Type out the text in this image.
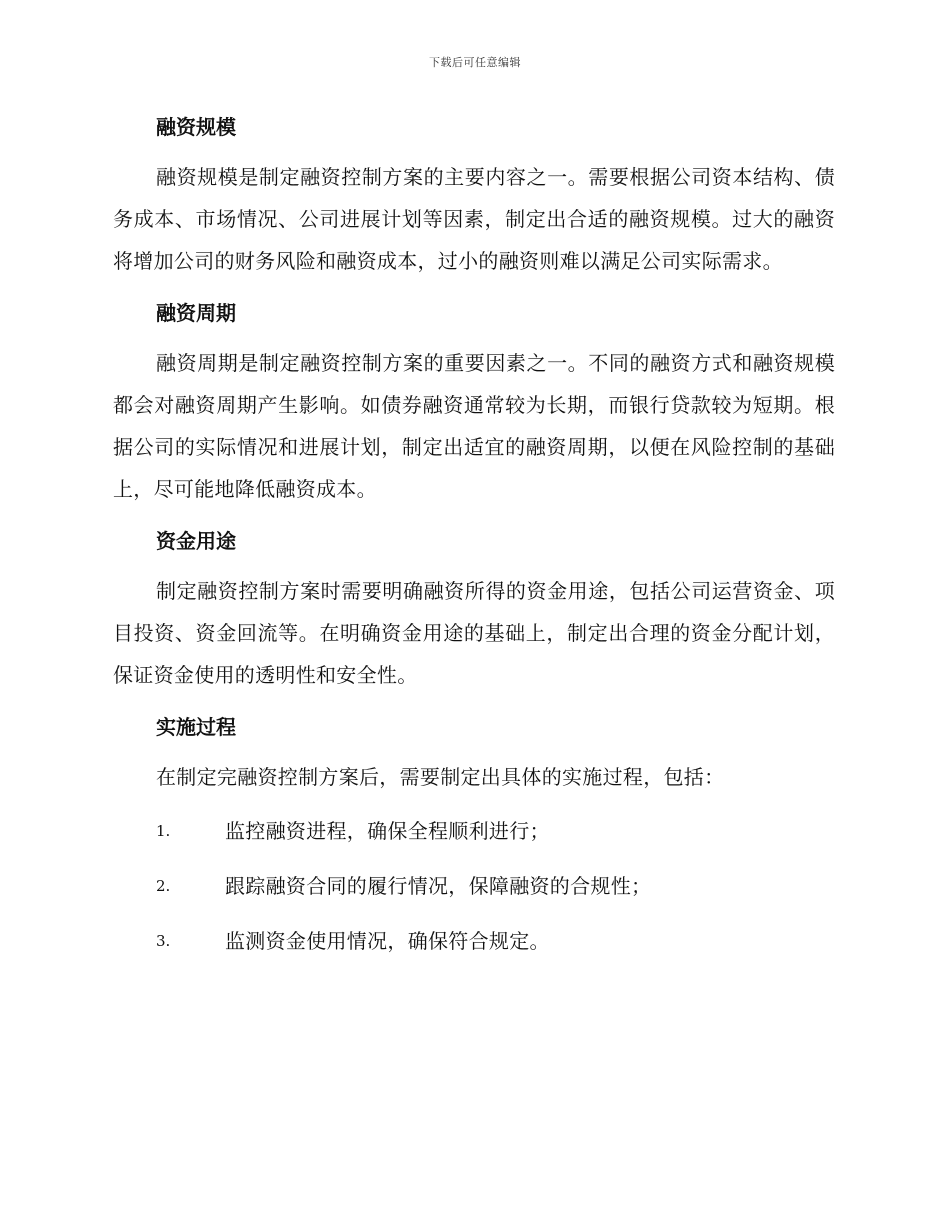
下载后可任意编辑
融资规模

融资规模是制定融资控制方案的主要内容之一。需要根据公司资本结构、债务成本、市场情况、公司进展计划等因素，制定出合适的融资规模。过大的融资将增加公司的财务风险和融资成本，过小的融资则难以满足公司实际需求。

融资周期

融资周期是制定融资控制方案的重要因素之一。不同的融资方式和融资规模都会对融资周期产生影响。如债券融资通常较为长期，而银行贷款较为短期。根据公司的实际情况和进展计划，制定出适宜的融资周期，以便在风险控制的基础上，尽可能地降低融资成本。

资金用途

制定融资控制方案时需要明确融资所得的资金用途，包括公司运营资金、项目投资、资金回流等。在明确资金用途的基础上，制定出合理的资金分配计划，保证资金使用的透明性和安全性。

实施过程

在制定完融资控制方案后，需要制定出具体的实施过程，包括：

1.	监控融资进程，确保全程顺利进行；
2.	跟踪融资合同的履行情况，保障融资的合规性；
3.	监测资金使用情况，确保符合规定。
